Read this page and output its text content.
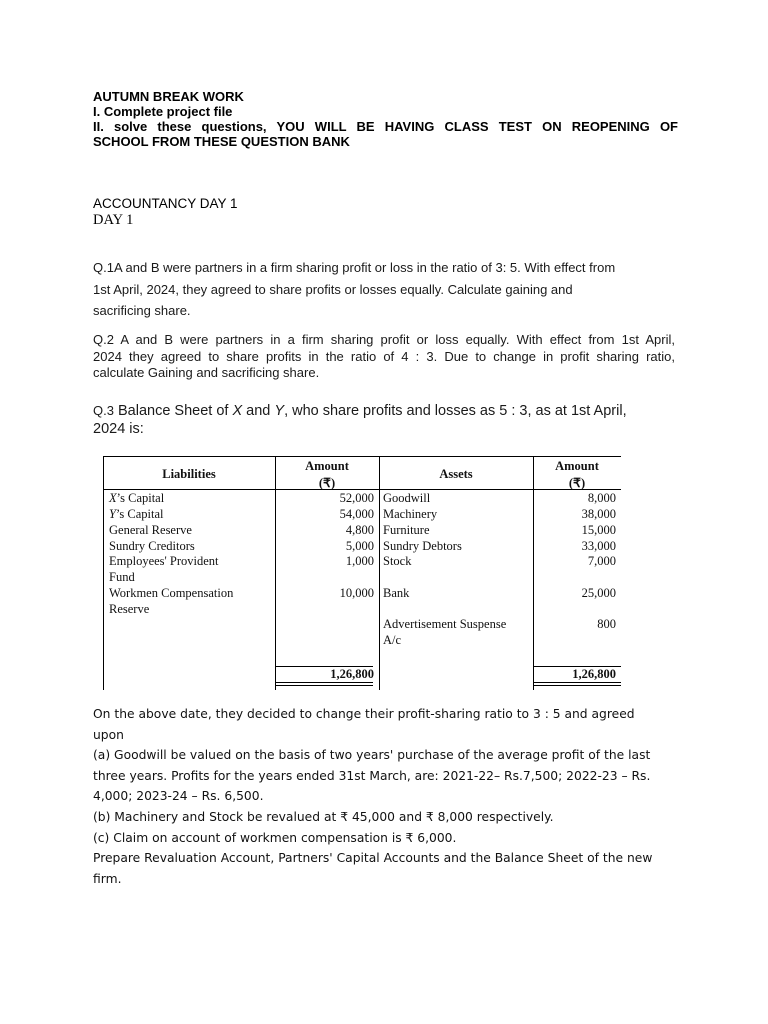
AUTUMN BREAK WORK
I. Complete project file
II. solve these questions, YOU WILL BE HAVING CLASS TEST ON REOPENING OF
SCHOOL FROM THESE QUESTION BANK
ACCOUNTANCY DAY 1
DAY 1
Q.1A and B were partners in a firm sharing profit or loss in the ratio of 3: 5. With effect from
1st April, 2024, they agreed to share profits or losses equally. Calculate gaining and
sacrificing share.
Q.2 A and B were partners in a firm sharing profit or loss equally. With effect from 1st April,
2024 they agreed to share profits in the ratio of 4 : 3. Due to change in profit sharing ratio,
calculate Gaining and sacrificing share.
Q.3 Balance Sheet of X and Y, who share profits and losses as 5 : 3, as at 1st April,
2024 is:
Liabilities
Amount
(₹)
Assets
Amount
(₹)
X’s Capital
Y’s Capital
General Reserve
Sundry Creditors
Employees' Provident
Fund
Workmen Compensation
Reserve
52,000
54,000
4,800
5,000
1,000
10,000
Goodwill
Machinery
Furniture
Sundry Debtors
Stock
Bank
Advertisement Suspense
A/c
8,000
38,000
15,000
33,000
7,000
25,000
800
1,26,800	1,26,800
On the above date, they decided to change their profit-sharing ratio to 3 : 5 and agreed
upon
(a) Goodwill be valued on the basis of two years' purchase of the average profit of the last
three years. Profits for the years ended 31st March, are: 2021-22– Rs.7,500; 2022-23 – Rs.
4,000; 2023-24 – Rs. 6,500.
(b) Machinery and Stock be revalued at ₹ 45,000 and ₹ 8,000 respectively.
(c) Claim on account of workmen compensation is ₹ 6,000.
Prepare Revaluation Account, Partners' Capital Accounts and the Balance Sheet of the new
firm.
